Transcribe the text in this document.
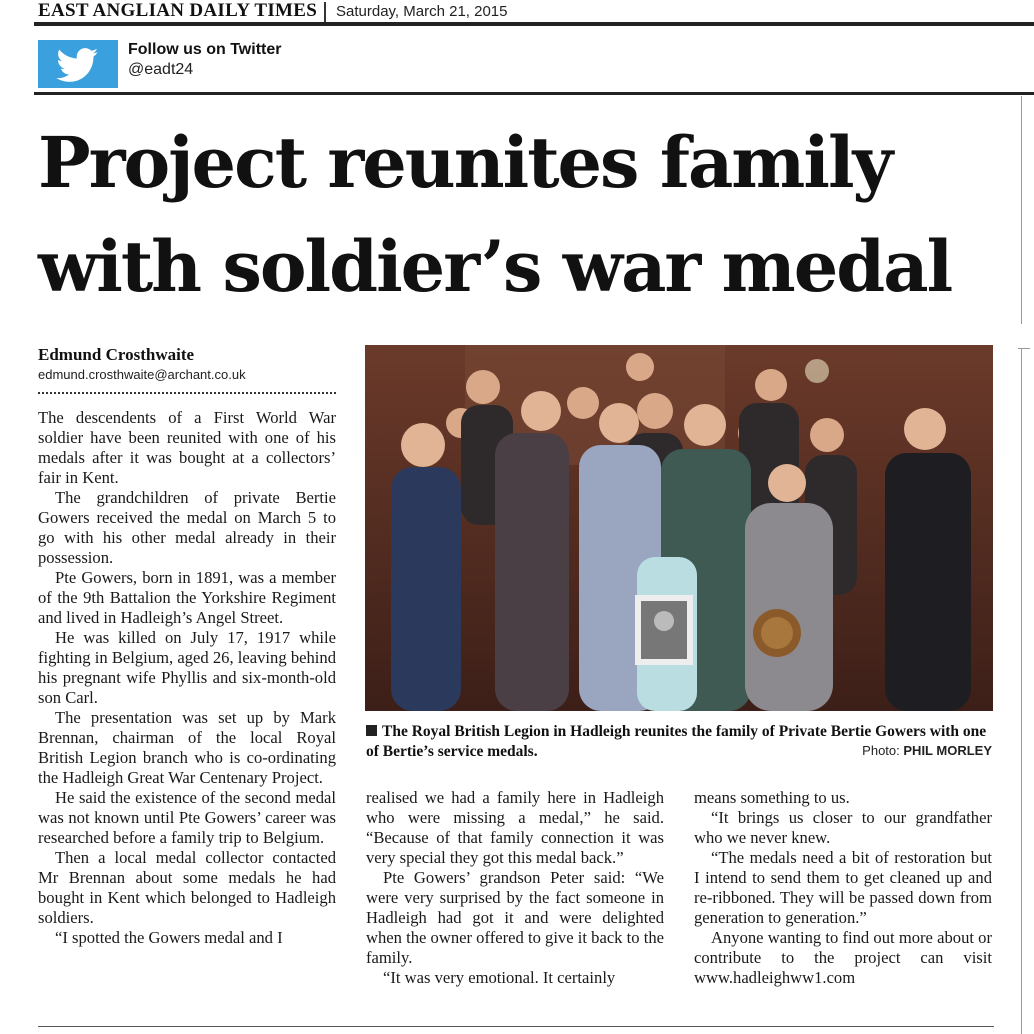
EAST ANGLIAN DAILY TIMES Saturday, March 21, 2015
Follow us on Twitter
@eadt24
Project reunites family
with soldier’s war medal
Edmund Crosthwaite
edmund.crosthwaite@archant.co.uk

The descendents of a First World War soldier have been reunited with one of his medals after it was bought at a collectors’ fair in Kent.

The grandchildren of private Bertie Gowers received the medal on March 5 to go with his other medal already in their possession.

Pte Gowers, born in 1891, was a member of the 9th Battalion the Yorkshire Regiment and lived in Hadleigh’s Angel Street.

He was killed on July 17, 1917 while fighting in Belgium, aged 26, leaving behind his pregnant wife Phyllis and six-month-old son Carl.

The presentation was set up by Mark Brennan, chairman of the local Royal British Legion branch who is co-ordinating the Hadleigh Great War Centenary Project.

He said the existence of the second medal was not known until Pte Gowers’ career was researched before a family trip to Belgium.

Then a local medal collector contacted Mr Brennan about some medals he had bought in Kent which belonged to Hadleigh soldiers.

“I spotted the Gowers medal and I

realised we had a family here in Hadleigh who were missing a medal,” he said. “Because of that family connection it was very special they got this medal back.”

Pte Gowers’ grandson Peter said: “We were very surprised by the fact someone in Hadleigh had got it and were delighted when the owner offered to give it back to the family.

“It was very emotional. It certainly

means something to us.

“It brings us closer to our grandfather who we never knew.

“The medals need a bit of restoration but I intend to send them to get cleaned up and re-ribboned. They will be passed down from generation to generation.”

Anyone wanting to find out more about or contribute to the project can visit www.hadleighww1.com

The Royal British Legion in Hadleigh reunites the family of Private Bertie Gowers with one of Bertie’s service medals.	Photo: PHIL MORLEY
